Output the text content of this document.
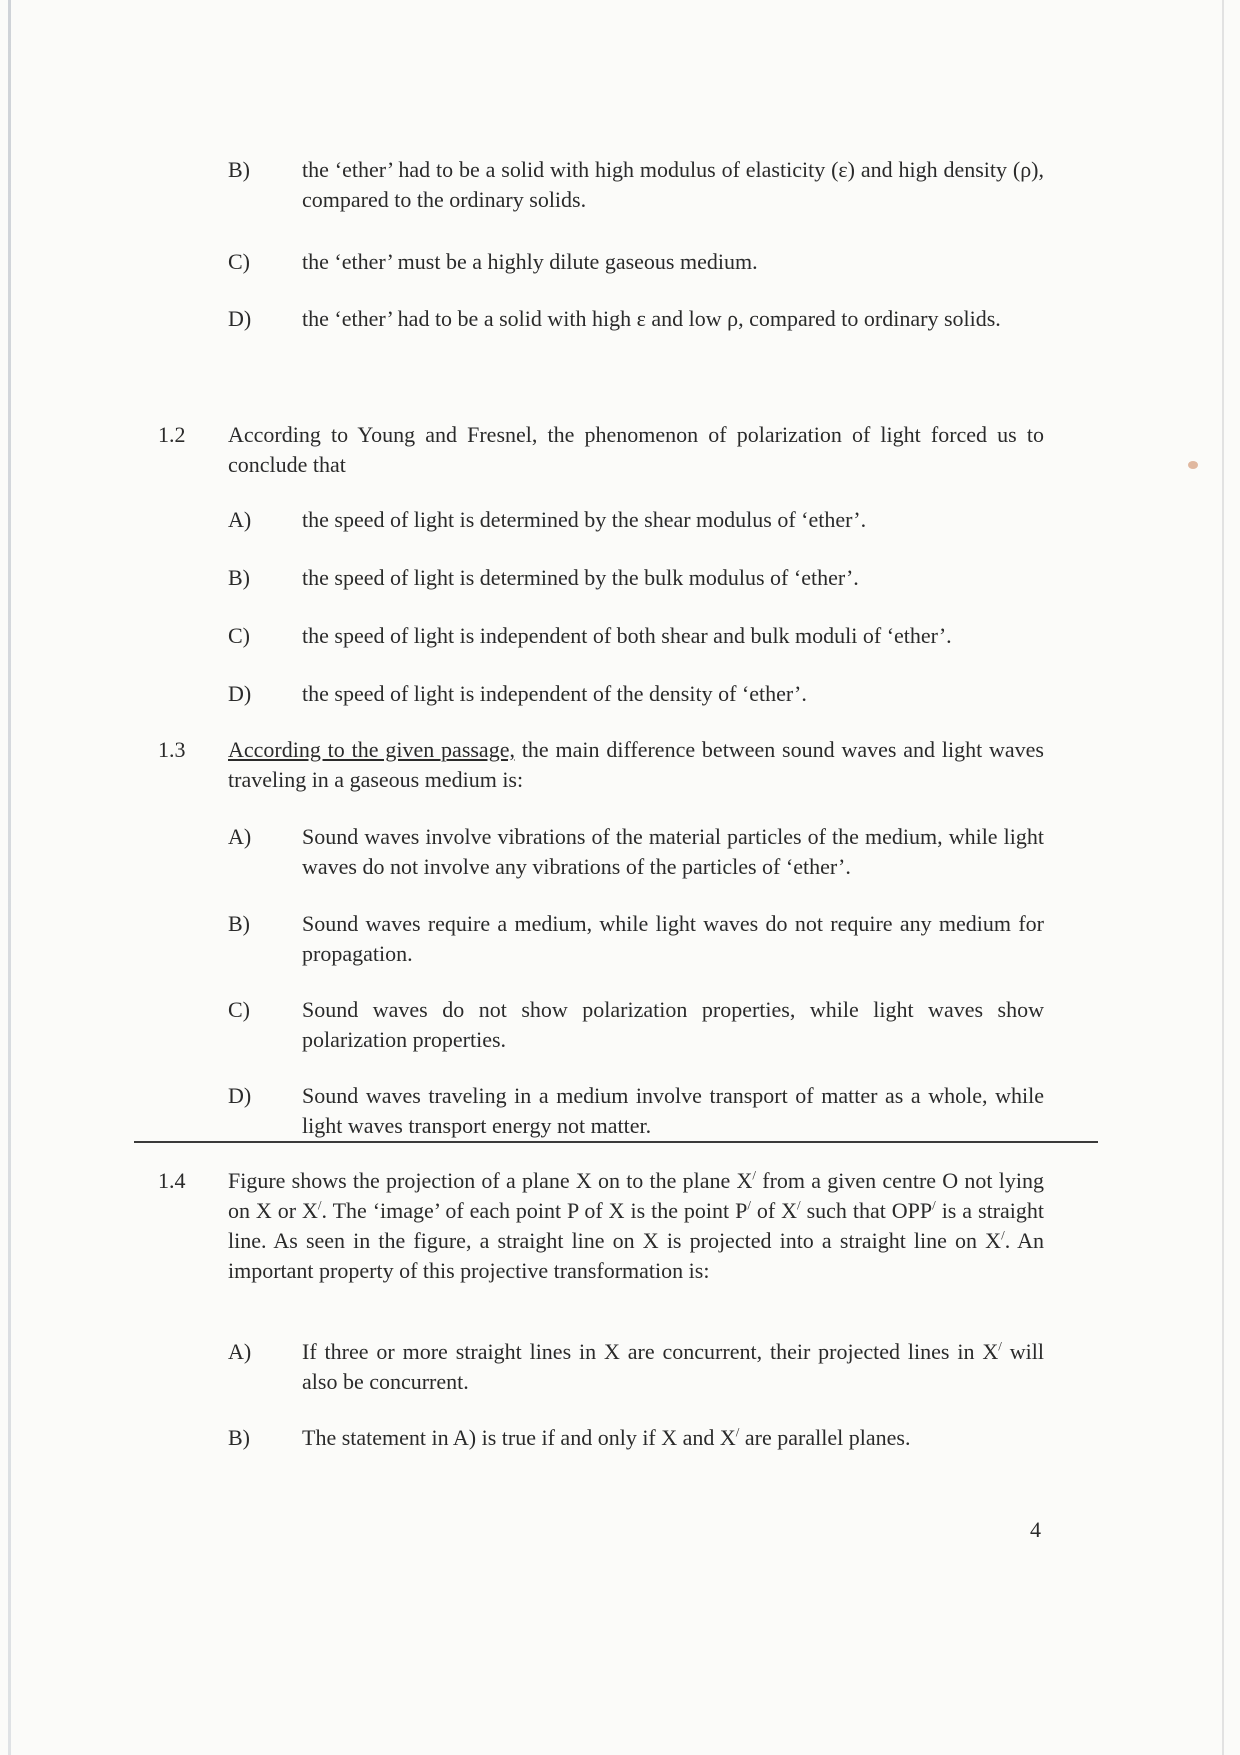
B) the ‘ether’ had to be a solid with high modulus of elasticity (ε) and high density (ρ), compared to the ordinary solids.
C) the ‘ether’ must be a highly dilute gaseous medium.
D) the ‘ether’ had to be a solid with high ε and low ρ, compared to ordinary solids.
1.2 According to Young and Fresnel, the phenomenon of polarization of light forced us to conclude that
A) the speed of light is determined by the shear modulus of ‘ether’.
B) the speed of light is determined by the bulk modulus of ‘ether’.
C) the speed of light is independent of both shear and bulk moduli of ‘ether’.
D) the speed of light is independent of the density of ‘ether’.
1.3 According to the given passage, the main difference between sound waves and light waves traveling in a gaseous medium is:
A) Sound waves involve vibrations of the material particles of the medium, while light waves do not involve any vibrations of the particles of ‘ether’.
B) Sound waves require a medium, while light waves do not require any medium for propagation.
C) Sound waves do not show polarization properties, while light waves show polarization properties.
D) Sound waves traveling in a medium involve transport of matter as a whole, while light waves transport energy not matter.
1.4 Figure shows the projection of a plane X on to the plane X/ from a given centre O not lying on X or X/. The ‘image’ of each point P of X is the point P/ of X/ such that OPP/ is a straight line. As seen in the figure, a straight line on X is projected into a straight line on X/. An important property of this projective transformation is:
A) If three or more straight lines in X are concurrent, their projected lines in X/ will also be concurrent.
B) The statement in A) is true if and only if X and X/ are parallel planes.
4
